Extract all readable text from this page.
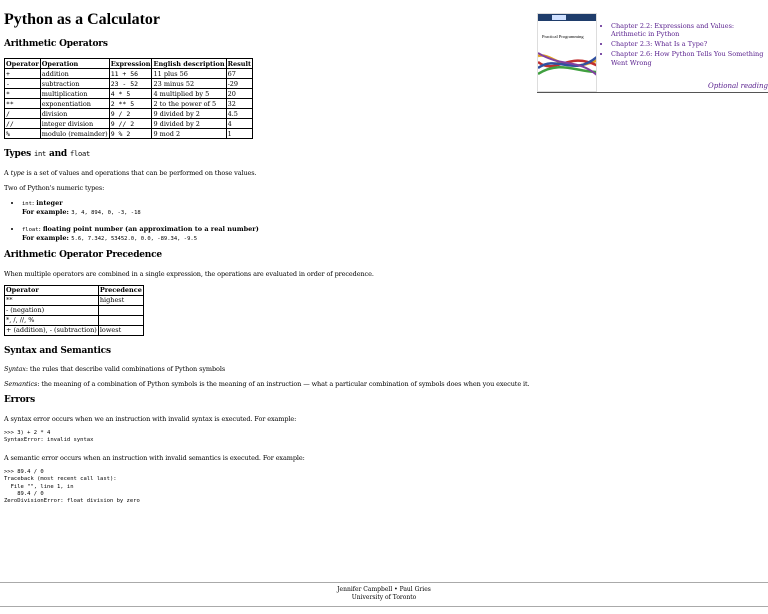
Python as a Calculator
Arithmetic Operators
Operator	Operation	Expression	English description	Result
+	addition	11 + 56	11 plus 56	67
-	subtraction	23 - 52	23 minus 52	-29
*	multiplication	4 * 5	4 multiplied by 5	20
**	exponentiation	2 ** 5	2 to the power of 5	32
/	division	9 / 2	9 divided by 2	4.5
//	integer division	9 // 2	9 divided by 2	4
%	modulo (remainder)	9 % 2	9 mod 2	1
Types int and float

A type is a set of values and operations that can be performed on those values.

Two of Python's numeric types:

• int: integer
For example: 3, 4, 894, 0, -3, -18
• float: floating point number (an approximation to a real number)
For example: 5.6, 7.342, 53452.0, 0.0, -89.34, -9.5
Arithmetic Operator Precedence

When multiple operators are combined in a single expression, the operations are evaluated in order of precedence.

Operator	Precedence
**	highest
- (negation)	
*, /, //, %	
+ (addition), - (subtraction)	lowest
Syntax and Semantics

Syntax: the rules that describe valid combinations of Python symbols

Semantics: the meaning of a combination of Python symbols is the meaning of an instruction — what a particular combination of symbols does when you execute it.

Errors

A syntax error occurs when we an instruction with invalid syntax is executed. For example:

>>> 3) + 2 * 4
SyntaxError: invalid syntax

A semantic error occurs when an instruction with invalid semantics is executed. For example:

>>> 89.4 / 0
Traceback (most recent call last):
File "", line 1, in
89.4 / 0
ZeroDivisionError: float division by zero
Practical Programming
• Chapter 2.2: Expressions and Values: Arithmetic in Python
• Chapter 2.3: What Is a Type?
• Chapter 2.6: How Python Tells You Something Went Wrong
Optional reading
Jennifer Campbell • Paul Gries
University of Toronto
